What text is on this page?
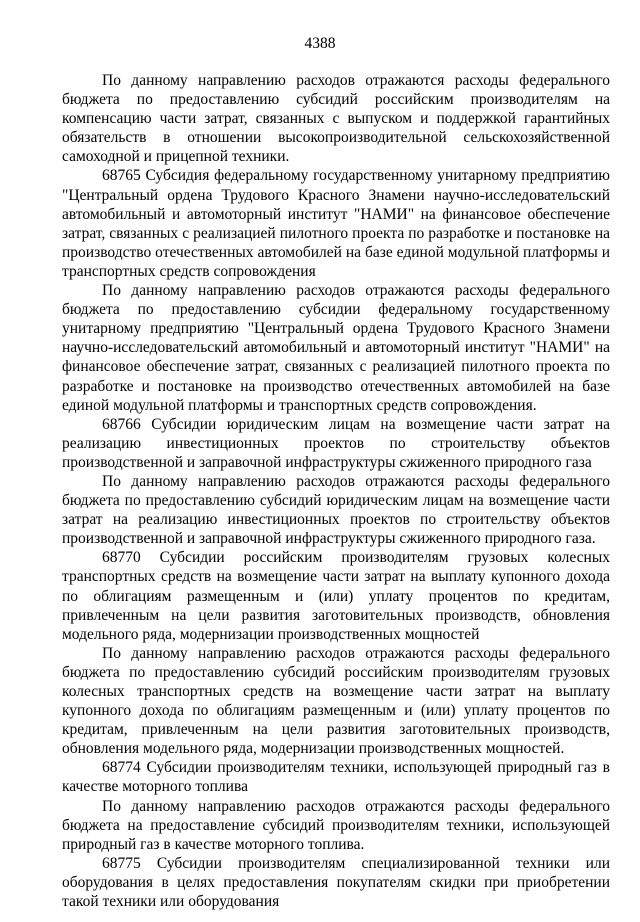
4388

По данному направлению расходов отражаются расходы федерального бюджета по предоставлению субсидий российским производителям на компенсацию части затрат, связанных с выпуском и поддержкой гарантийных обязательств в отношении высокопроизводительной сельскохозяйственной самоходной и прицепной техники.

68765 Субсидия федеральному государственному унитарному предприятию "Центральный ордена Трудового Красного Знамени научно-исследовательский автомобильный и автомоторный институт "НАМИ" на финансовое обеспечение затрат, связанных с реализацией пилотного проекта по разработке и постановке на производство отечественных автомобилей на базе единой модульной платформы и транспортных средств сопровождения

По данному направлению расходов отражаются расходы федерального бюджета по предоставлению субсидии федеральному государственному унитарному предприятию "Центральный ордена Трудового Красного Знамени научно-исследовательский автомобильный и автомоторный институт "НАМИ" на финансовое обеспечение затрат, связанных с реализацией пилотного проекта по разработке и постановке на производство отечественных автомобилей на базе единой модульной платформы и транспортных средств сопровождения.

68766 Субсидии юридическим лицам на возмещение части затрат на реализацию инвестиционных проектов по строительству объектов производственной и заправочной инфраструктуры сжиженного природного газа

По данному направлению расходов отражаются расходы федерального бюджета по предоставлению субсидий юридическим лицам на возмещение части затрат на реализацию инвестиционных проектов по строительству объектов производственной и заправочной инфраструктуры сжиженного природного газа.

68770 Субсидии российским производителям грузовых колесных транспортных средств на возмещение части затрат на выплату купонного дохода по облигациям размещенным и (или) уплату процентов по кредитам, привлеченным на цели развития заготовительных производств, обновления модельного ряда, модернизации производственных мощностей

По данному направлению расходов отражаются расходы федерального бюджета по предоставлению субсидий российским производителям грузовых колесных транспортных средств на возмещение части затрат на выплату купонного дохода по облигациям размещенным и (или) уплату процентов по кредитам, привлеченным на цели развития заготовительных производств, обновления модельного ряда, модернизации производственных мощностей.

68774 Субсидии производителям техники, использующей природный газ в качестве моторного топлива

По данному направлению расходов отражаются расходы федерального бюджета на предоставление субсидий производителям техники, использующей природный газ в качестве моторного топлива.

68775 Субсидии производителям специализированной техники или оборудования в целях предоставления покупателям скидки при приобретении такой техники или оборудования
